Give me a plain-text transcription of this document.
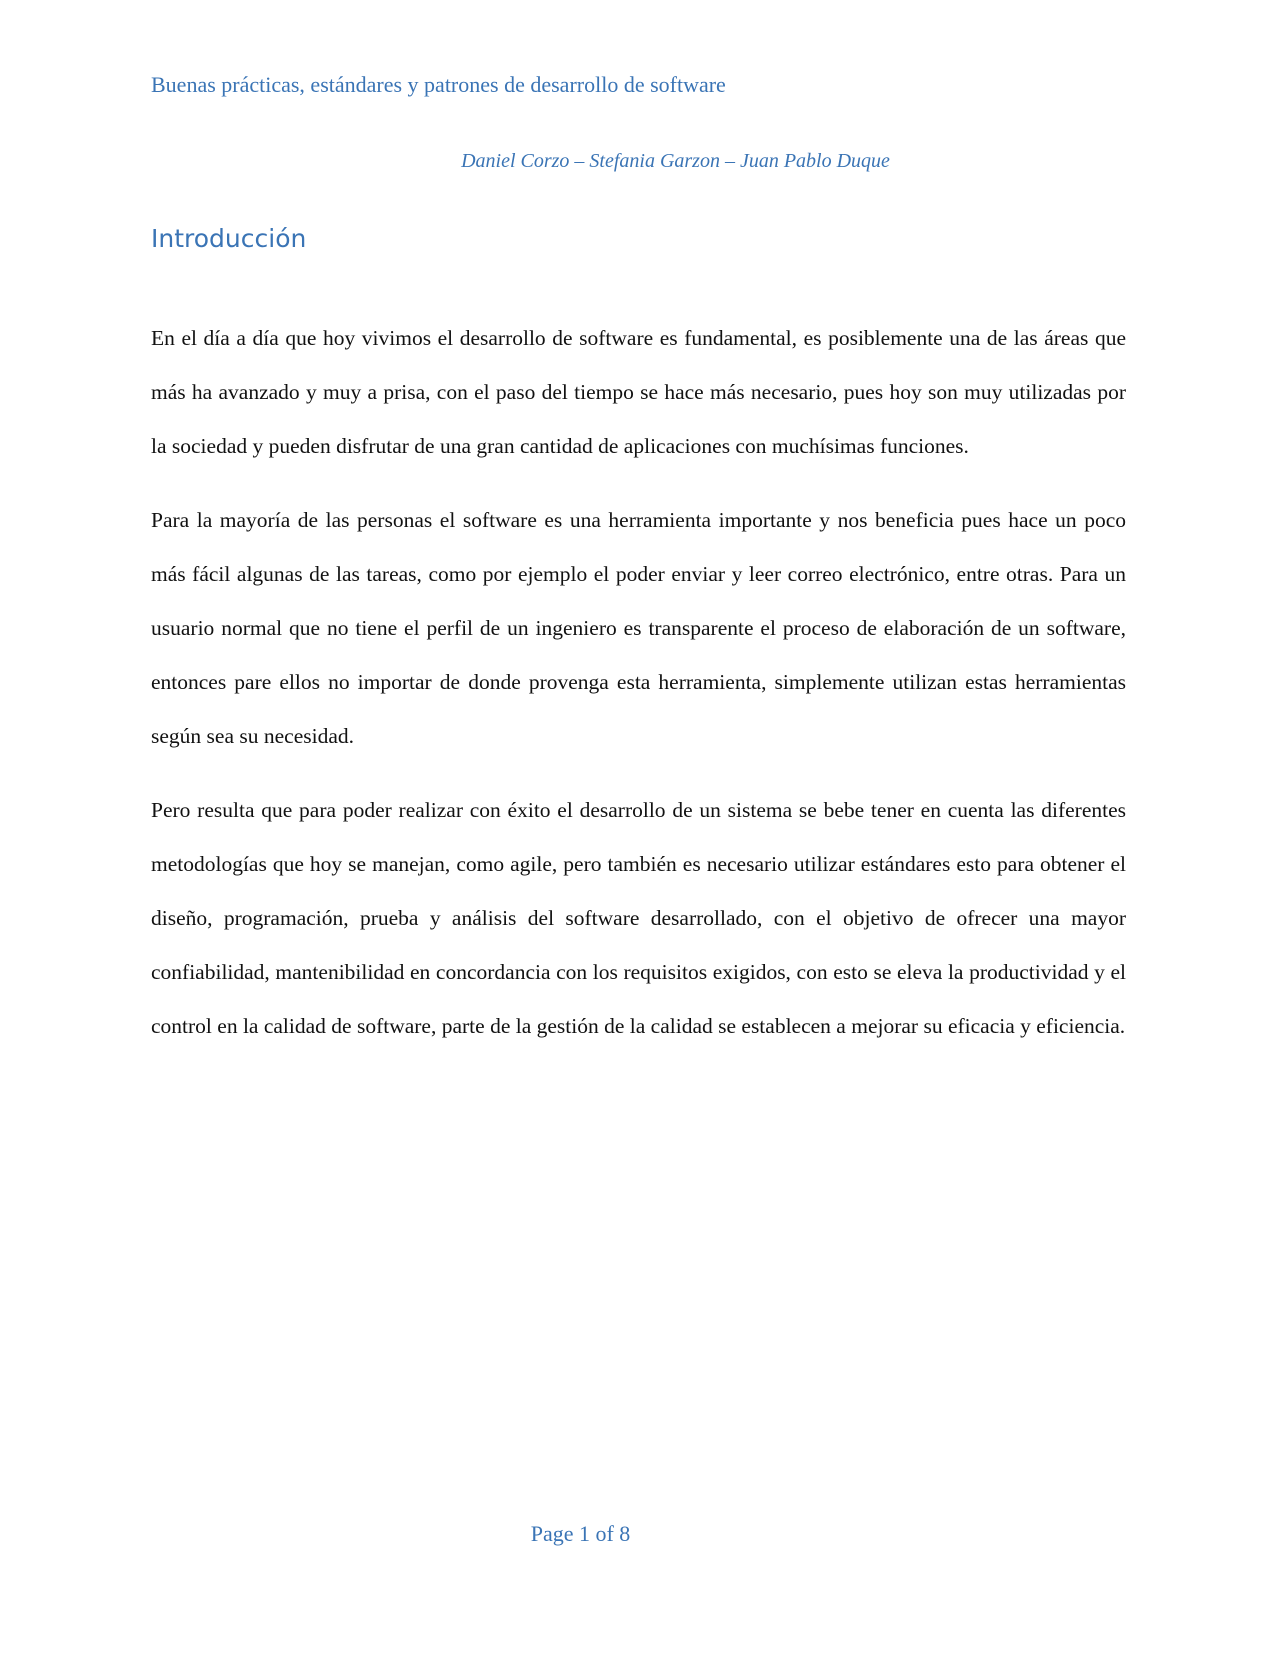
Buenas prácticas, estándares y patrones de desarrollo de software
Daniel Corzo – Stefania Garzon – Juan Pablo Duque
Introducción

En el día a día que hoy vivimos el desarrollo de software es fundamental, es posiblemente una de las áreas que más ha avanzado y muy a prisa, con el paso del tiempo se hace más necesario, pues hoy son muy utilizadas por la sociedad y pueden disfrutar de una gran cantidad de aplicaciones con muchísimas funciones.

Para la mayoría de las personas el software es una herramienta importante y nos beneficia pues hace un poco más fácil algunas de las tareas, como por ejemplo el poder enviar y leer correo electrónico, entre otras. Para un usuario normal que no tiene el perfil de un ingeniero es transparente el proceso de elaboración de un software, entonces pare ellos no importar de donde provenga esta herramienta, simplemente utilizan estas herramientas según sea su necesidad.

Pero resulta que para poder realizar con éxito el desarrollo de un sistema se bebe tener en cuenta las diferentes metodologías que hoy se manejan, como agile, pero también es necesario utilizar estándares esto para obtener el diseño, programación, prueba y análisis del software desarrollado, con el objetivo de ofrecer una mayor confiabilidad, mantenibilidad en concordancia con los requisitos exigidos, con esto se eleva la productividad y el control en la calidad de software, parte de la gestión de la calidad se establecen a mejorar su eficacia y eficiencia.

Page 1 of 8
